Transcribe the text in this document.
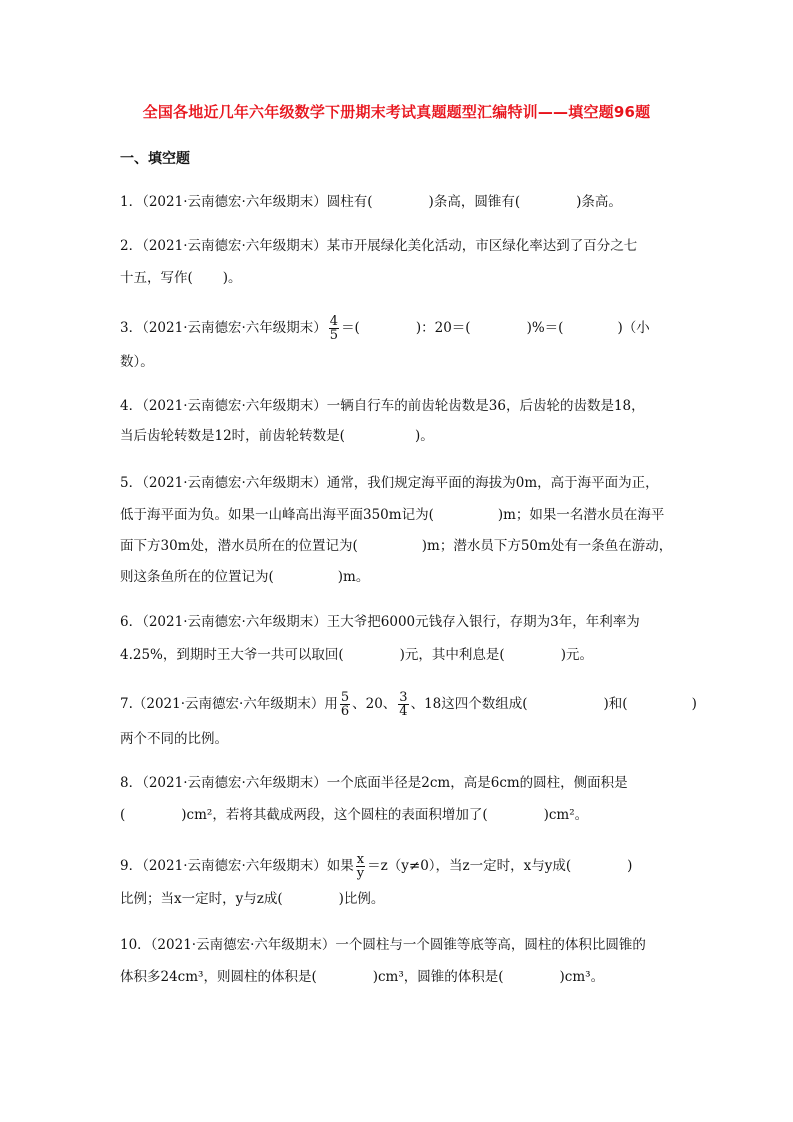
全国各地近几年六年级数学下册期末考试真题题型汇编特训——填空题96题
一、填空题
1．（2021·云南德宏·六年级期末）圆柱有(	)条高，圆锥有(	)条高。
2．（2021·云南德宏·六年级期末）某市开展绿化美化活动，市区绿化率达到了百分之七
十五，写作( )。
3．（2021·云南德宏·六年级期末） $\frac{4}{5}$ ＝(	)：20＝(	)%＝(	)（小
数）。
4．（2021·云南德宏·六年级期末）一辆自行车的前齿轮齿数是36，后齿轮的齿数是18，
当后齿轮转数是12时，前齿轮转数是(	)。
5．（2021·云南德宏·六年级期末）通常，我们规定海平面的海拔为0m，高于海平面为正，
低于海平面为负。如果一山峰高出海平面350m记为(	)m；如果一名潜水员在海平
面下方30m处，潜水员所在的位置记为(	)m；潜水员下方50m处有一条鱼在游动，
则这条鱼所在的位置记为(	)m。
6．（2021·云南德宏·六年级期末）王大爷把6000元钱存入银行，存期为3年，年利率为
4.25%，到期时王大爷一共可以取回(	)元，其中利息是(	)元。
7.（2021·云南德宏·六年级期末）用 $\frac{5}{6}$ 、20、 $\frac{3}{4}$ 、18这四个数组成(	)和(	)
两个不同的比例。
8．（2021·云南德宏·六年级期末）一个底面半径是2cm，高是6cm的圆柱，侧面积是
(	)cm²，若将其截成两段，这个圆柱的表面积增加了(	)cm²。
9．（2021·云南德宏·六年级期末）如果 $\frac{x}{y} =z(y\ne 0)$，当z一定时，x与y成(	)
比例；当x一定时，y与z成(	)比例。
10．（2021·云南德宏·六年级期末）一个圆柱与一个圆锥等底等高，圆柱的体积比圆锥的
体积多24cm³，则圆柱的体积是(	)cm³，圆锥的体积是(	)cm³。
